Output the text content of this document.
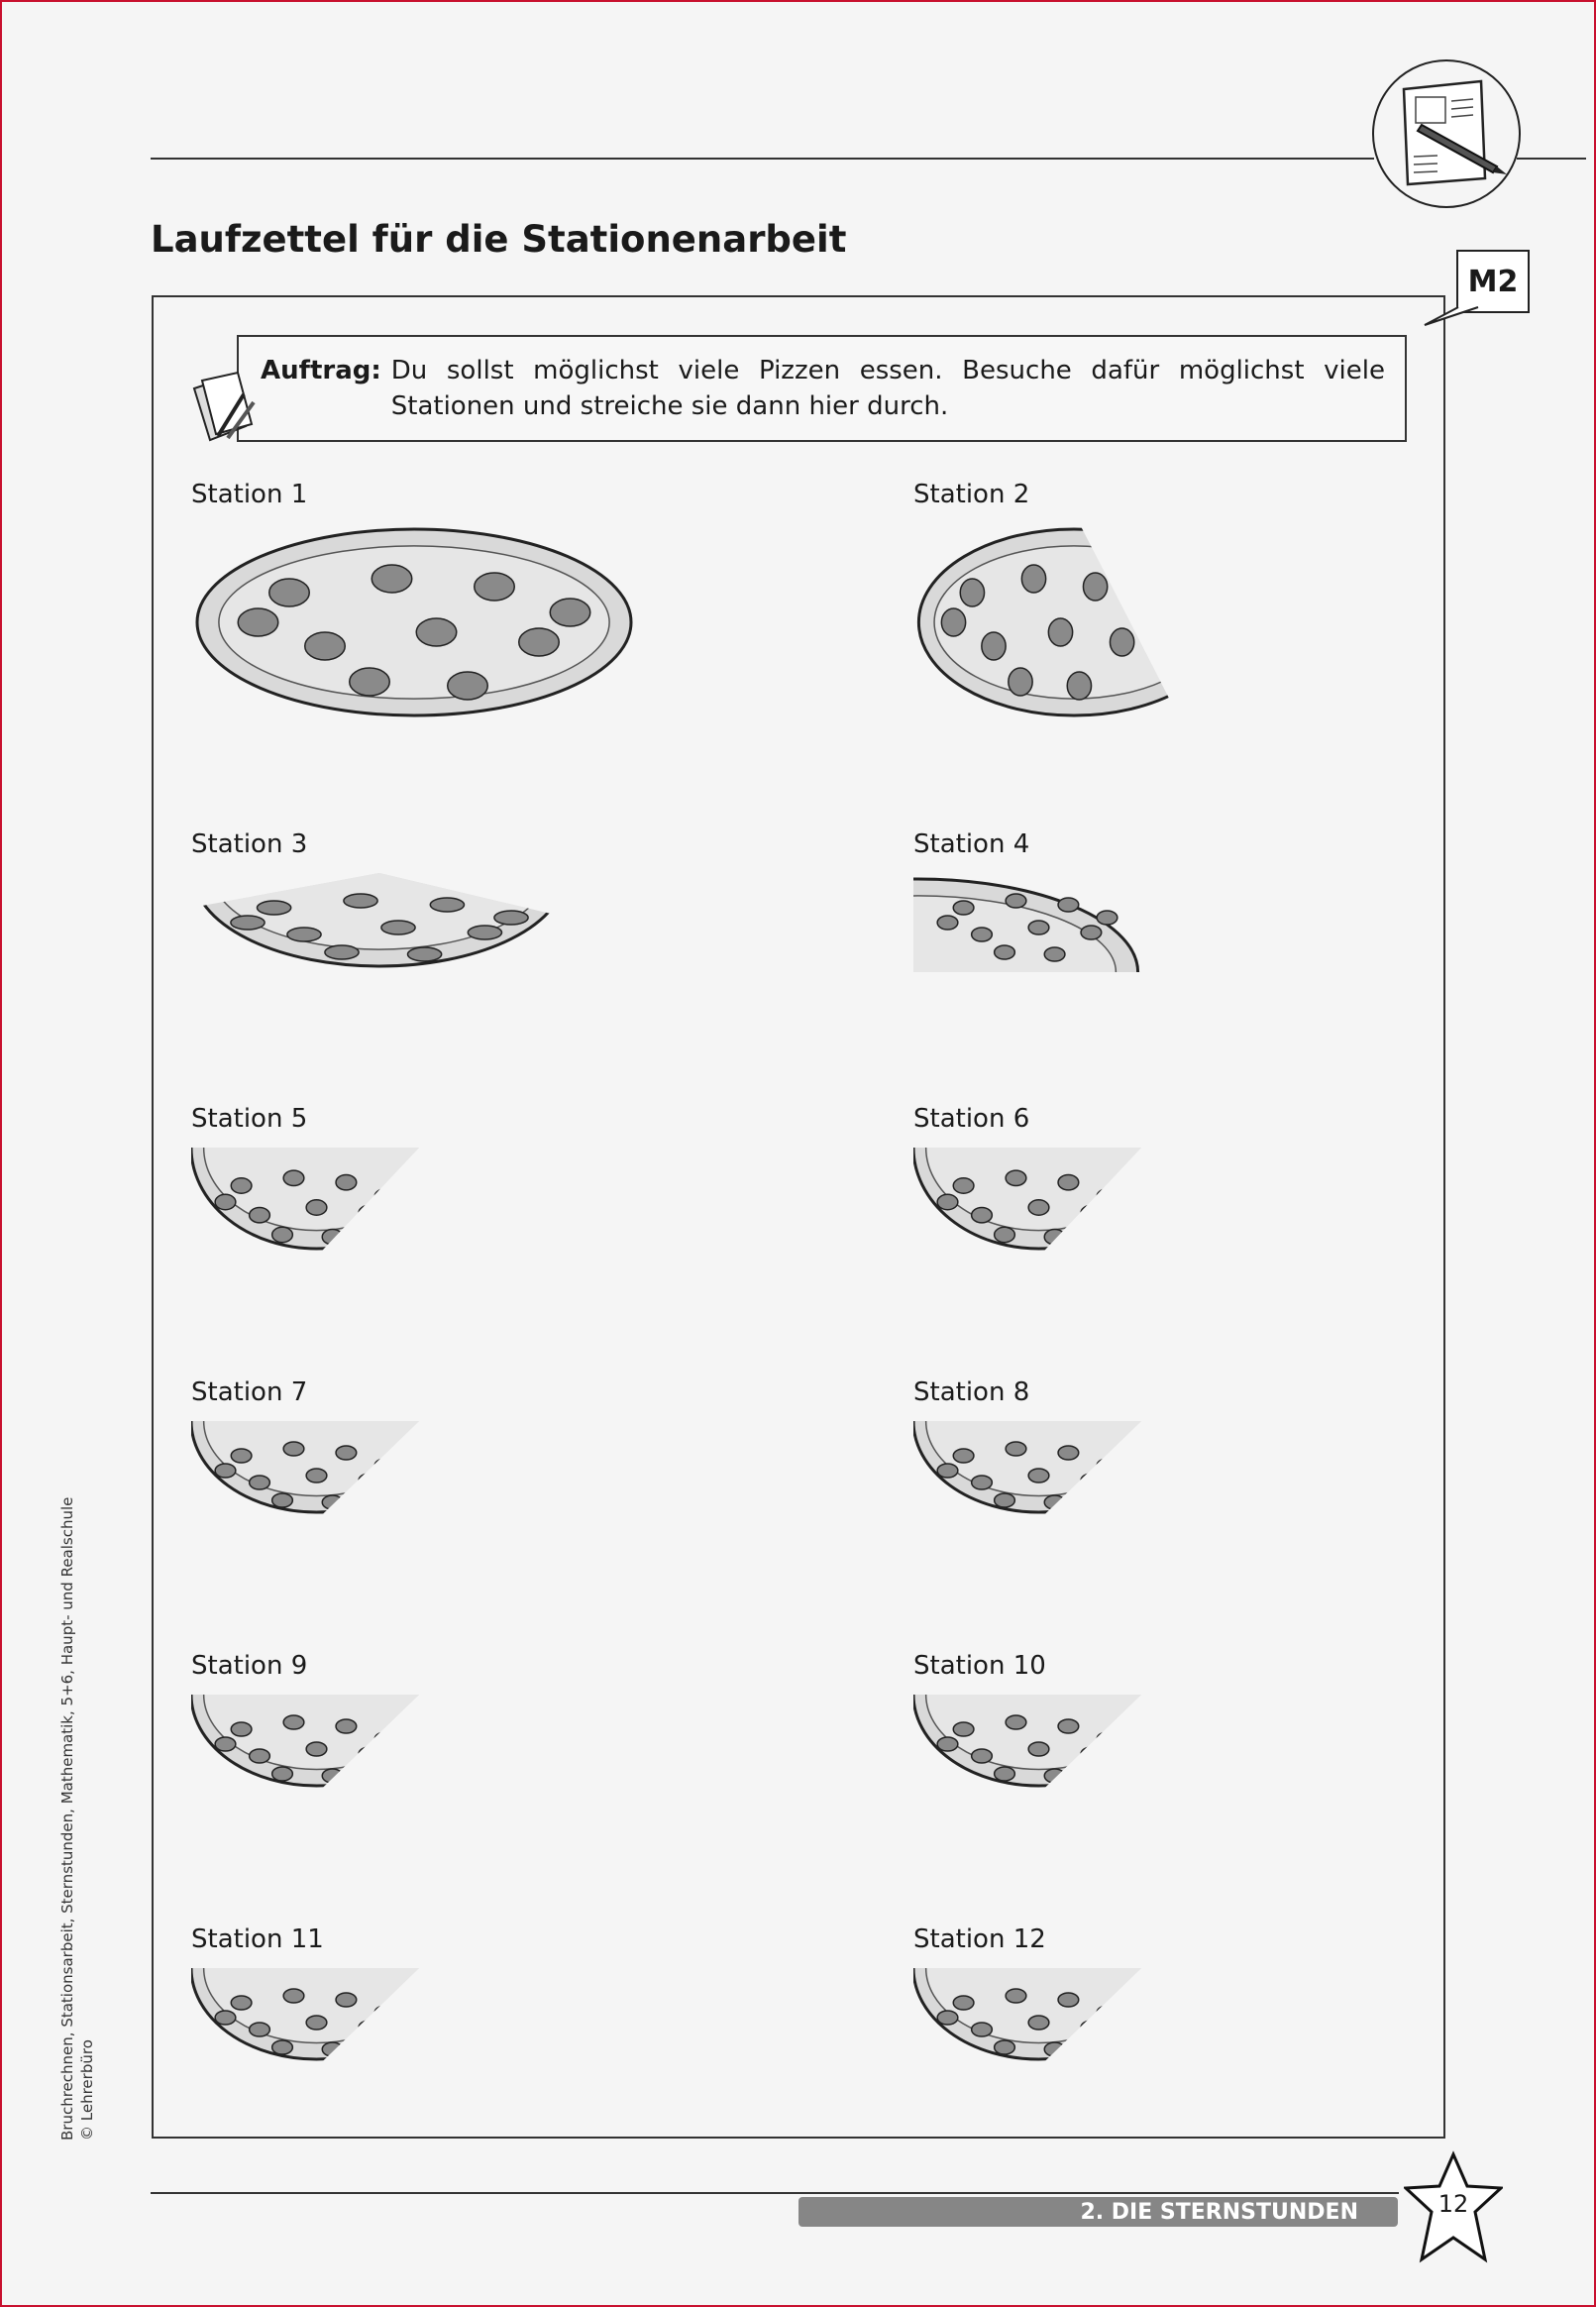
Laufzettel für die Stationenarbeit
M2
Auftrag: Du sollst möglichst viele Pizzen essen. Besuche dafür möglichst viele Stationen und streiche sie dann hier durch.
Station 1	Station 2
Station 3	Station 4
Station 5	Station 6
Station 7	Station 8
Station 9	Station 10
Station 11	Station 12
2. DIE STERNSTUNDEN	12
Bruchrechnen, Stationsarbeit, Sternstunden, Mathematik, 5+6, Haupt- und Realschule © Lehrerbüro
